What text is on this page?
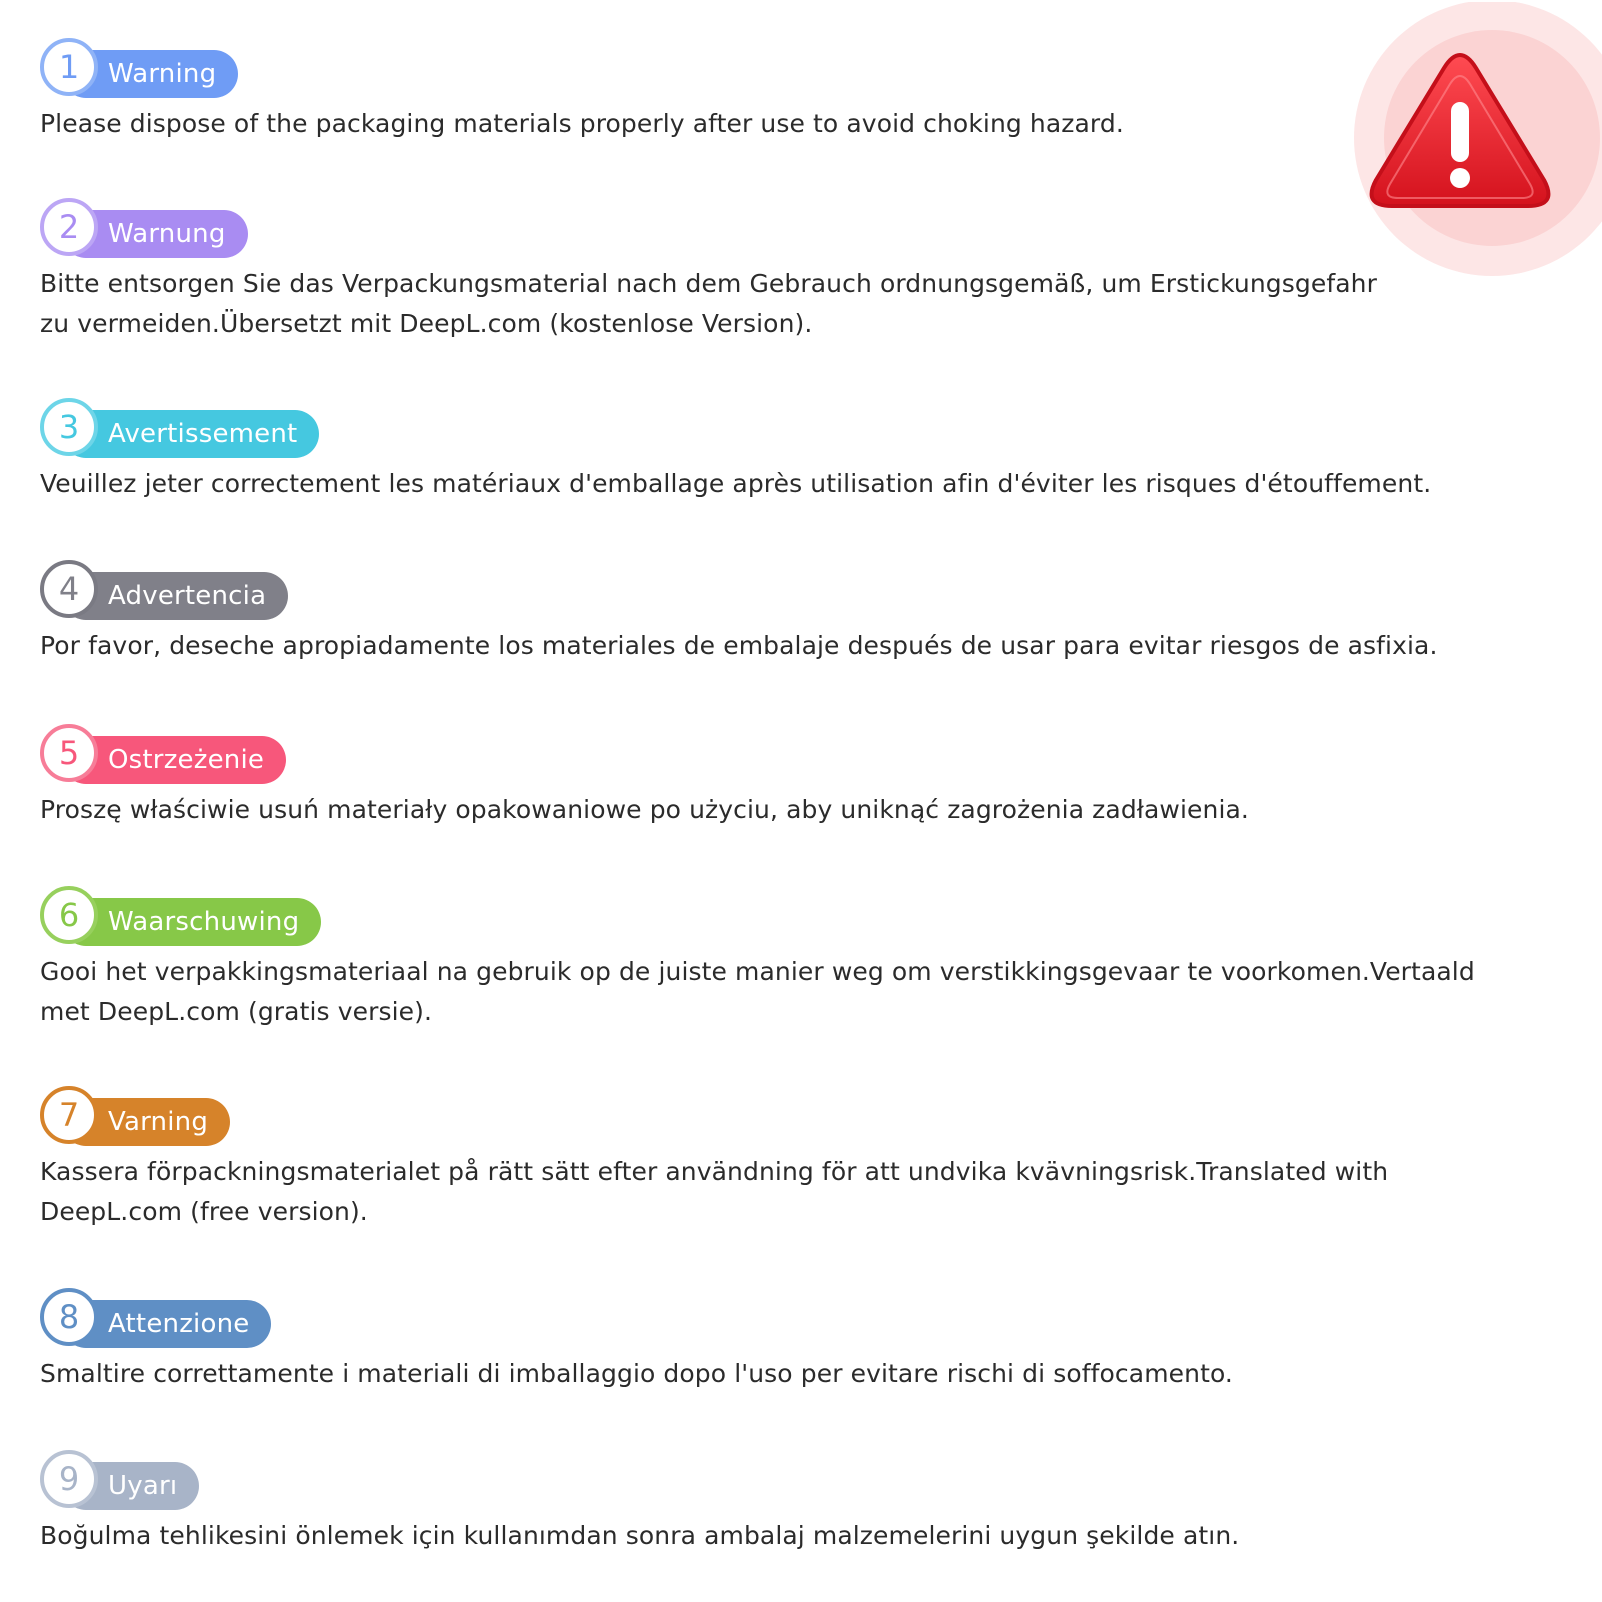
Warning
1
Please dispose of the packaging materials properly after use to avoid choking hazard.
Warnung
2
Bitte entsorgen Sie das Verpackungsmaterial nach dem Gebrauch ordnungsgemäß, um Erstickungsgefahr
zu vermeiden.Übersetzt mit DeepL.com (kostenlose Version).
Avertissement
3
Veuillez jeter correctement les matériaux d'emballage après utilisation afin d'éviter les risques d'étouffement.
Advertencia
4
Por favor, deseche apropiadamente los materiales de embalaje después de usar para evitar riesgos de asfixia.
Ostrzeżenie
5
Proszę właściwie usuń materiały opakowaniowe po użyciu, aby uniknąć zagrożenia zadławienia.
Waarschuwing
6
Gooi het verpakkingsmateriaal na gebruik op de juiste manier weg om verstikkingsgevaar te voorkomen.Vertaald
met DeepL.com (gratis versie).
Varning
7
Kassera förpackningsmaterialet på rätt sätt efter användning för att undvika kvävningsrisk.Translated with
DeepL.com (free version).
Attenzione
8
Smaltire correttamente i materiali di imballaggio dopo l'uso per evitare rischi di soffocamento.
Uyarı
9
Boğulma tehlikesini önlemek için kullanımdan sonra ambalaj malzemelerini uygun şekilde atın.
